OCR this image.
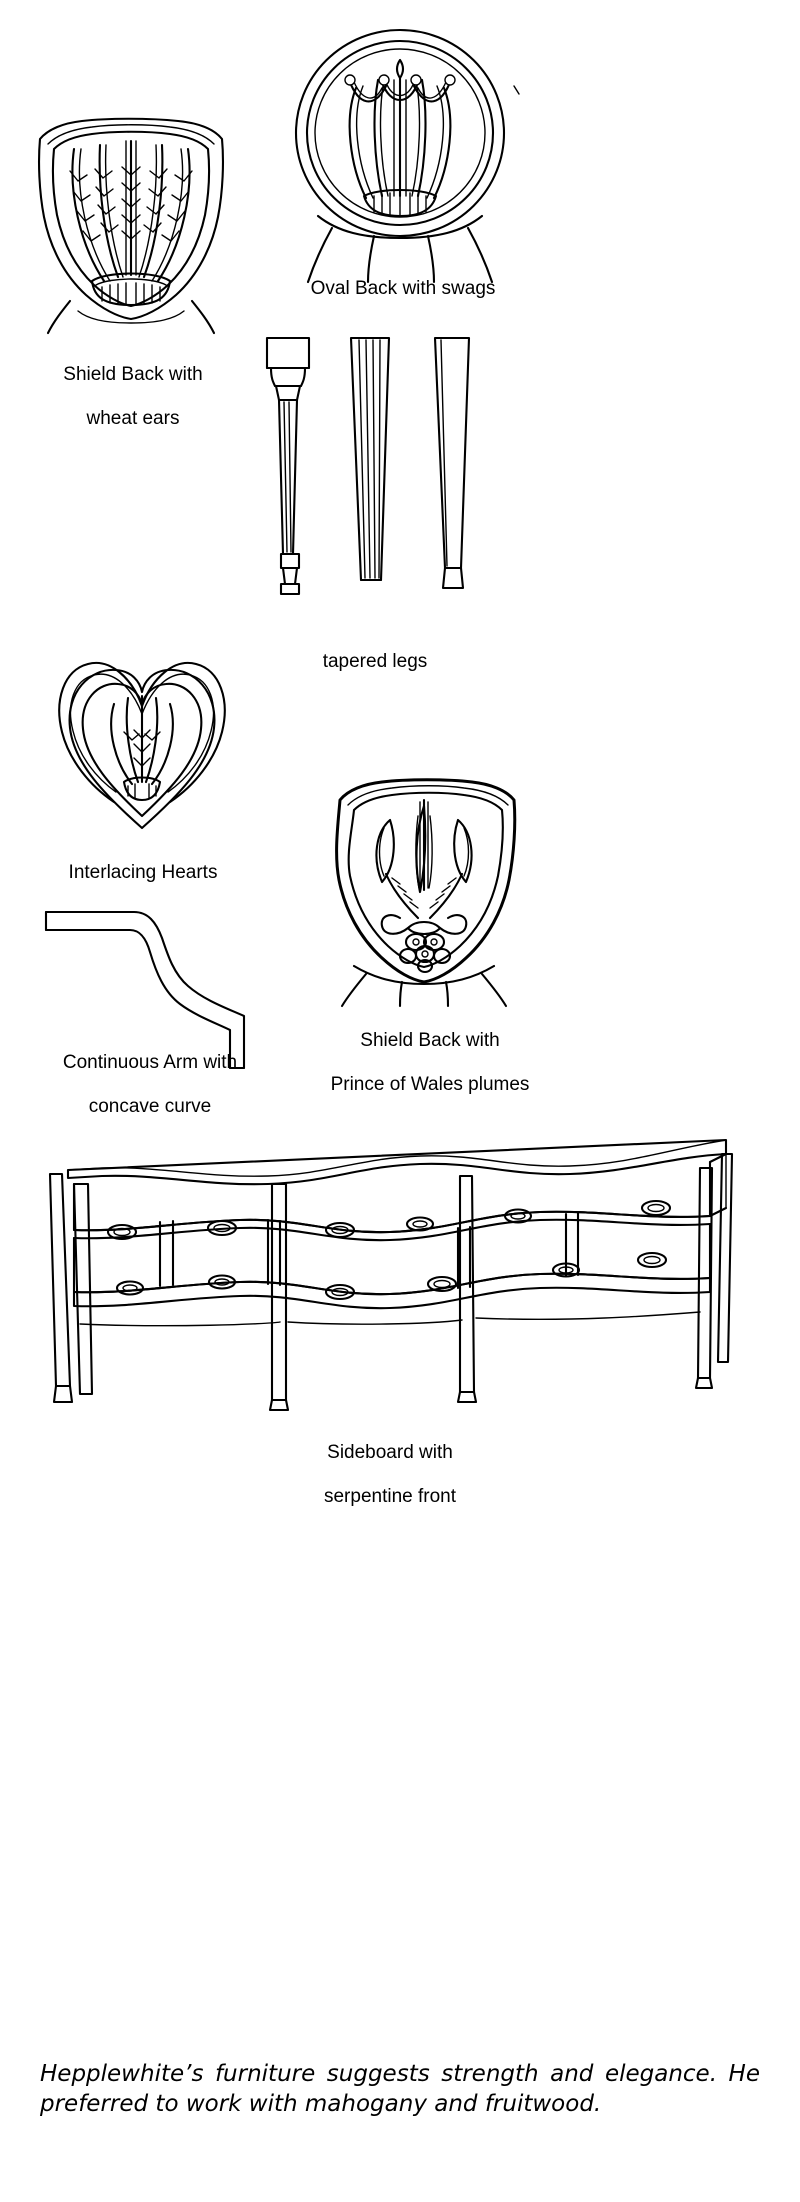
Shield Back with

wheat ears

Oval Back with swags

tapered legs

Interlacing Hearts

Shield Back with

Prince of Wales plumes

Continuous Arm with

concave curve

Sideboard with

serpentine front

Hepplewhite’s furniture suggests strength and elegance. He preferred to work with mahogany and fruitwood.
